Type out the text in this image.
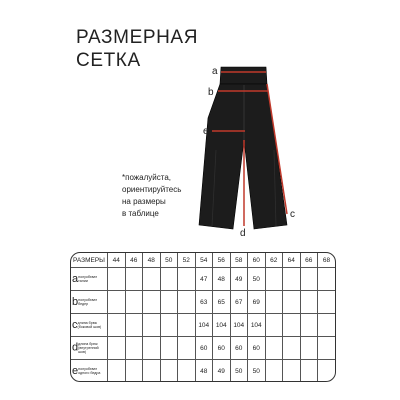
РАЗМЕРНАЯ
СЕТКА
a
b
c
d
e
*пожалуйста,
ориентируйтесь
на размеры
в таблице
РАЗМЕРЫ	44	46	48	50	52	54	56	58	60	62	64	66	68
aполуобхват талии						47	48	49	50				
bполуобхват бедер						63	65	67	69				
cдлина брюк (боковой шов)						104	104	104	104				
dдлина брюк (внутренний шов)						60	60	60	60				
eполуобхват одного бедра						48	49	50	50				
